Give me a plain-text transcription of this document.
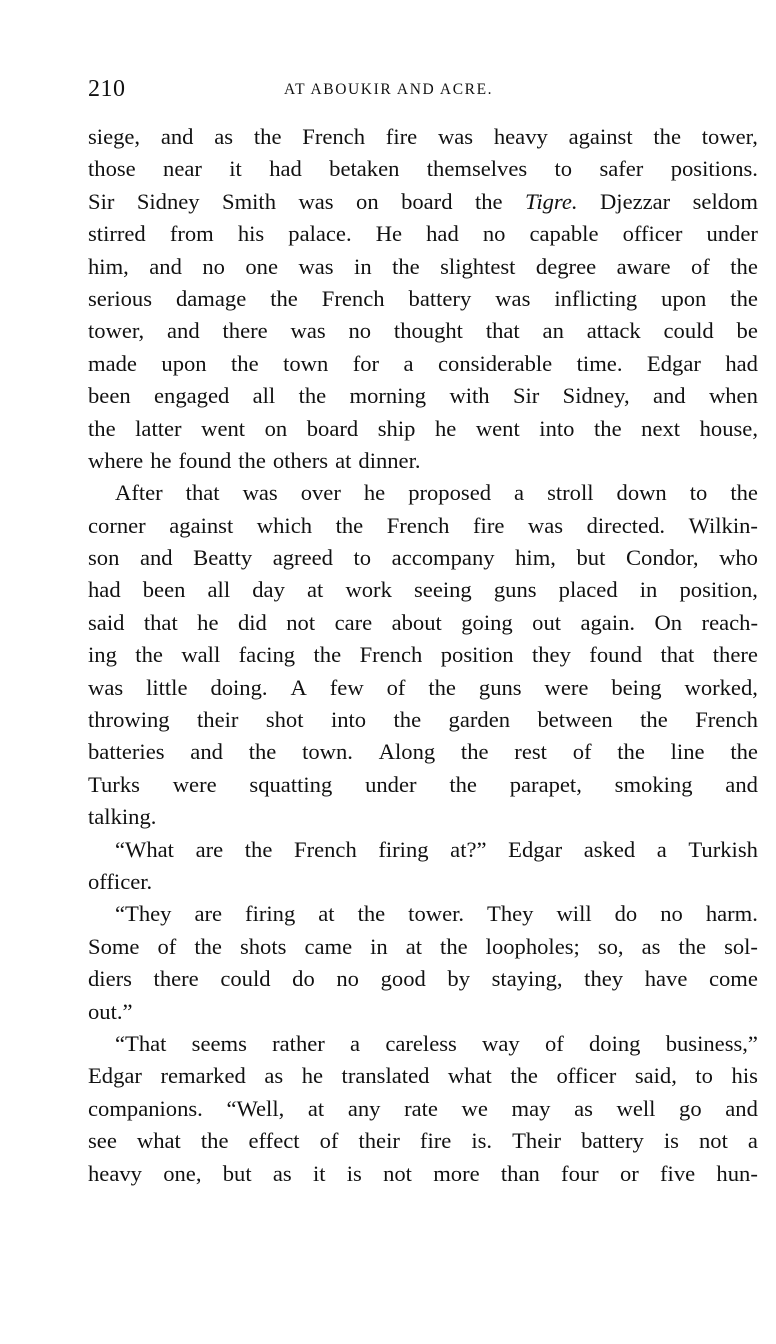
210	AT ABOUKIR AND ACRE.
siege, and as the French fire was heavy against the tower,
those near it had betaken themselves to safer positions.
Sir Sidney Smith was on board the Tigre. Djezzar seldom
stirred from his palace. He had no capable officer under
him, and no one was in the slightest degree aware of the
serious damage the French battery was inflicting upon the
tower, and there was no thought that an attack could be
made upon the town for a considerable time. Edgar had
been engaged all the morning with Sir Sidney, and when
the latter went on board ship he went into the next house,
where he found the others at dinner.
After that was over he proposed a stroll down to the
corner against which the French fire was directed. Wilkin-
son and Beatty agreed to accompany him, but Condor, who
had been all day at work seeing guns placed in position,
said that he did not care about going out again. On reach-
ing the wall facing the French position they found that there
was little doing. A few of the guns were being worked,
throwing their shot into the garden between the French
batteries and the town. Along the rest of the line the
Turks were squatting under the parapet, smoking and
talking.
“What are the French firing at?” Edgar asked a Turkish
officer.
“They are firing at the tower. They will do no harm.
Some of the shots came in at the loopholes; so, as the sol-
diers there could do no good by staying, they have come
out.”
“That seems rather a careless way of doing business,”
Edgar remarked as he translated what the officer said, to his
companions. “Well, at any rate we may as well go and
see what the effect of their fire is. Their battery is not a
heavy one, but as it is not more than four or five hun-
